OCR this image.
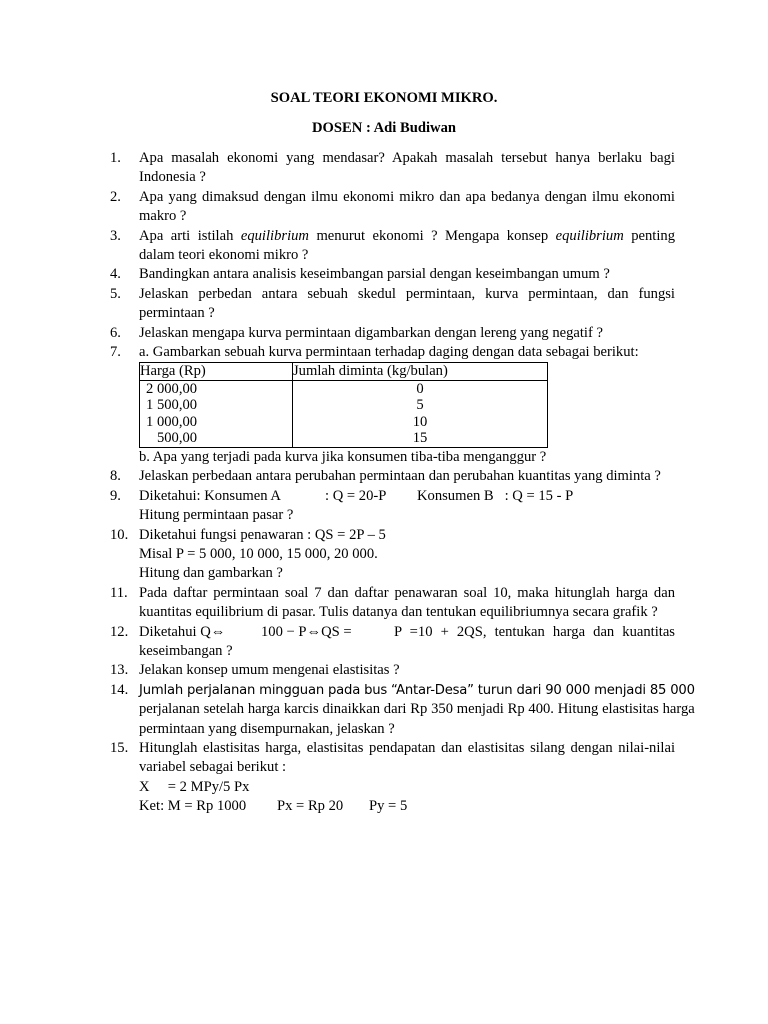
SOAL TEORI EKONOMI MIKRO.
DOSEN : Adi Budiwan
1.	Apa masalah ekonomi yang mendasar? Apakah masalah tersebut hanya berlaku bagi Indonesia ?
2.	Apa yang dimaksud dengan ilmu ekonomi mikro dan apa bedanya dengan ilmu ekonomi makro ?
3.	Apa arti istilah equilibrium menurut ekonomi ? Mengapa konsep equilibrium penting dalam teori ekonomi mikro ?
4.	Bandingkan antara analisis keseimbangan parsial dengan keseimbangan umum ?
5.	Jelaskan perbedan antara sebuah skedul permintaan, kurva permintaan, dan fungsi permintaan ?
6.	Jelaskan mengapa kurva permintaan digambarkan dengan lereng yang negatif ?
7.	a. Gambarkan sebuah kurva permintaan terhadap daging dengan data sebagai berikut:
Harga (Rp)	Jumlah diminta (kg/bulan)
2 000,00	0
1 500,00	5
1 000,00	10
500,00	15
b. Apa yang terjadi pada kurva jika konsumen tiba-tiba menganggur ?
8.	Jelaskan perbedaan antara perubahan permintaan dan perubahan kuantitas yang diminta ?
9.	Diketahui: Konsumen A	: Q = 20-P Konsumen B   : Q = 15 - P
Hitung permintaan pasar ?
10. Diketahui fungsi penawaran : QS = 2P – 5
Misal P = 5 000, 10 000, 15 000, 20 000.
Hitung dan gambarkan ?
11. Pada daftar permintaan soal 7 dan daftar penawaran soal 10, maka hitunglah harga dan kuantitas equilibrium di pasar. Tulis datanya dan tentukan equilibriumnya secara grafik ?
12. Diketahui Q⇔ 100 − P⇔QS =	P =10 + 2QS, tentukan harga dan kuantitas keseimbangan ?
13. Jelakan konsep umum mengenai elastisitas ?
14. Jumlah perjalanan mingguan pada bus “Antar-Desa” turun dari 90 000 menjadi 85 000
perjalanan setelah harga karcis dinaikkan dari Rp 350 menjadi Rp 400. Hitung elastisitas harga permintaan yang disempurnakan, jelaskan ?
15. Hitunglah elastisitas harga, elastisitas pendapatan dan elastisitas silang dengan nilai-nilai variabel sebagai berikut :
X     = 2 MPy/5 Px
Ket: M = Rp 1000 Px = Rp 20 Py = 5
